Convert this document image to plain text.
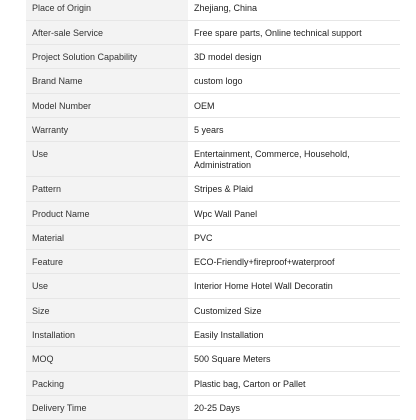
Place of Origin	Zhejiang, China

After-sale Service	Free spare parts, Online technical support

Project Solution Capability	3D model design

Brand Name	custom logo

Model Number	OEM

Warranty	5 years

Use	Entertainment, Commerce, Household, Administration

Pattern	Stripes & Plaid

Product Name	Wpc Wall Panel

Material	PVC

Feature	ECO-Friendly+fireproof+waterproof

Use	Interior Home Hotel Wall Decoratin

Size	Customized Size

Installation	Easily Installation

MOQ	500 Square Meters

Packing	Plastic bag, Carton or Pallet

Delivery Time	20-25 Days
